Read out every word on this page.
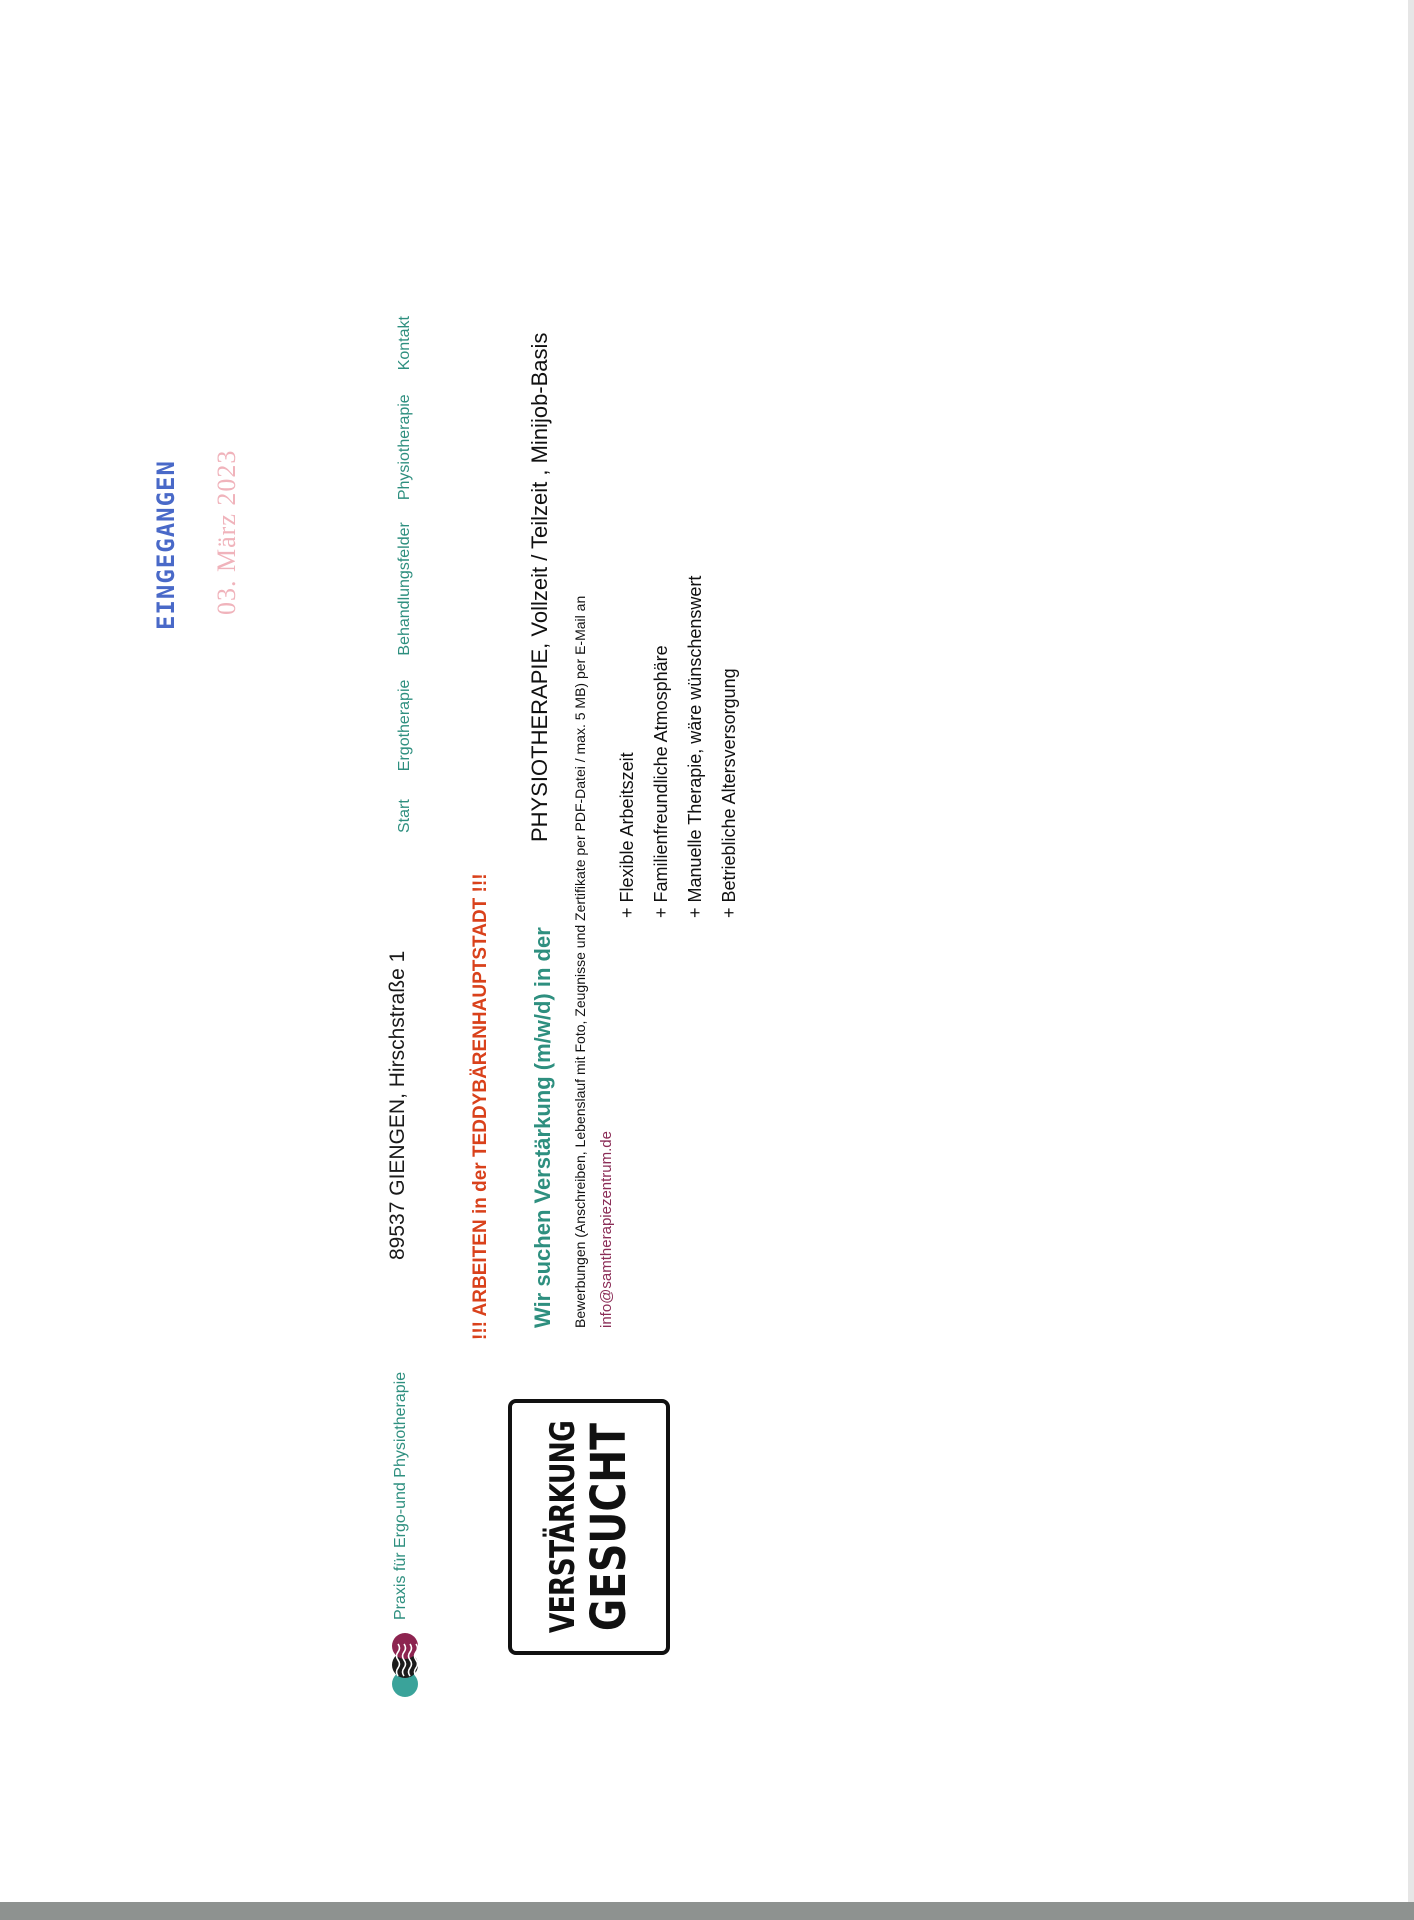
Praxis für Ergo-und Physiotherapie
89537 GIENGEN, Hirschstraße 1
StartErgotherapieBehandlungsfelderPhysiotherapieKontakt
!!! ARBEITEN in der TEDDYBÄRENHAUPTSTADT !!!
VERSTÄRKUNG
GESUCHT
Wir suchen Verstärkung (m/w/d) in der
PHYSIOTHERAPIE, Vollzeit / Teilzeit , Minijob-Basis
Bewerbungen (Anschreiben, Lebenslauf mit Foto, Zeugnisse und Zertifikate per PDF-Datei / max. 5 MB) per E-Mail an info@samtherapiezentrum.de
+ Flexible Arbeitszeit + Familienfreundliche Atmosphäre + Manuelle Therapie, wäre wünschenswert + Betriebliche Altersversorgung
EINGEGANGEN 03. März 2023
